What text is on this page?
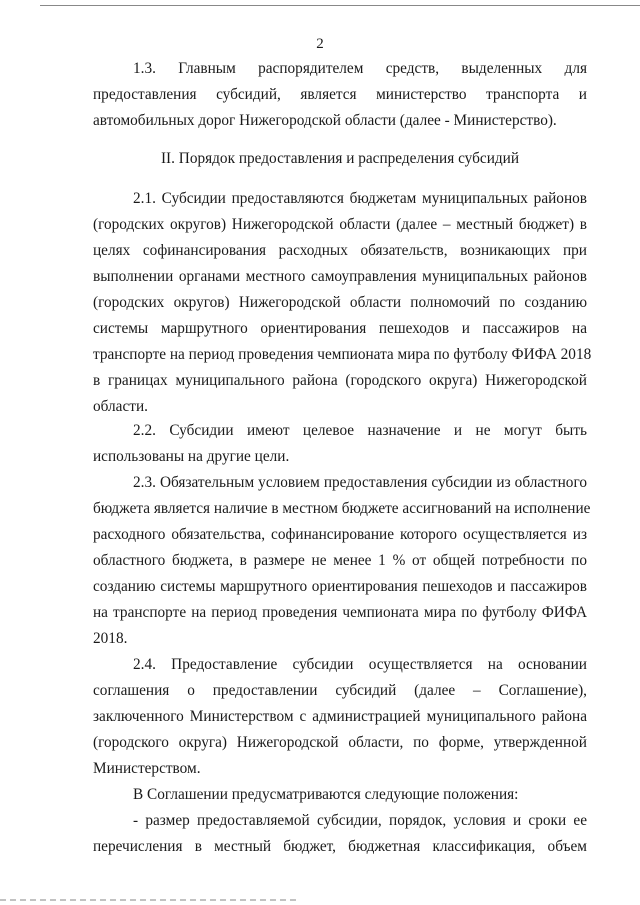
2

1.3. Главным распорядителем средств, выделенных для

предоставления субсидий, является министерство транспорта и

автомобильных дорог Нижегородской области (далее - Министерство).

II. Порядок предоставления и распределения субсидий

2.1. Субсидии предоставляются бюджетам муниципальных районов

(городских округов) Нижегородской области (далее – местный бюджет) в

целях софинансирования расходных обязательств, возникающих при

выполнении органами местного самоуправления муниципальных районов

(городских округов) Нижегородской области полномочий по созданию

системы маршрутного ориентирования пешеходов и пассажиров на

транспорте на период проведения чемпионата мира по футболу ФИФА 2018

в границах муниципального района (городского округа) Нижегородской

области.

2.2. Субсидии имеют целевое назначение и не могут быть

использованы на другие цели.

2.3. Обязательным условием предоставления субсидии из областного

бюджета является наличие в местном бюджете ассигнований на исполнение

расходного обязательства, софинансирование которого осуществляется из

областного бюджета, в размере не менее 1 % от общей потребности по

созданию системы маршрутного ориентирования пешеходов и пассажиров

на транспорте на период проведения чемпионата мира по футболу ФИФА

2018.

2.4. Предоставление субсидии осуществляется на основании

соглашения о предоставлении субсидий (далее – Соглашение),

заключенного Министерством с администрацией муниципального района

(городского округа) Нижегородской области, по форме, утвержденной

Министерством.

В Соглашении предусматриваются следующие положения:

- размер предоставляемой субсидии, порядок, условия и сроки ее

перечисления в местный бюджет, бюджетная классификация, объем
